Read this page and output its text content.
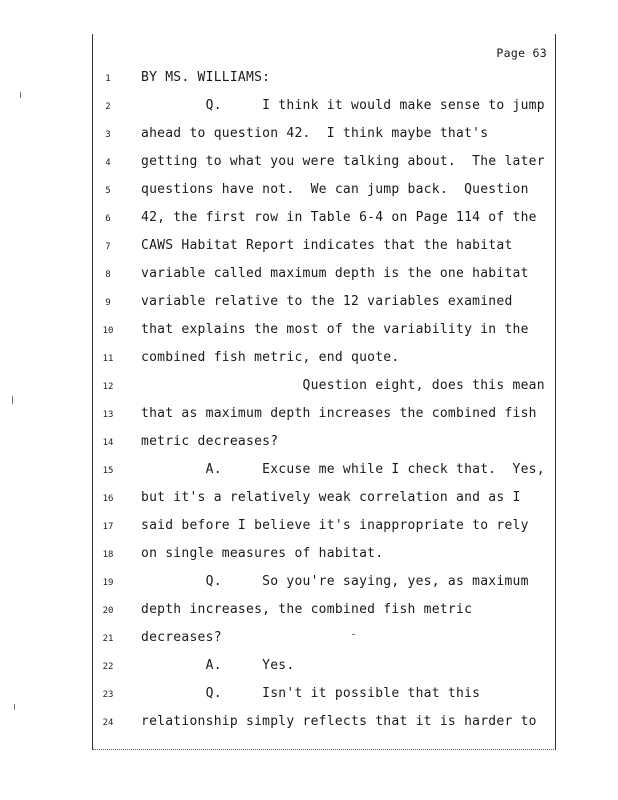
Page 63
1	BY MS. WILLIAMS:
2	Q.     I think it would make sense to jump
3	ahead to question 42.  I think maybe that's
4	getting to what you were talking about.  The later
5	questions have not.  We can jump back.  Question
6	42, the first row in Table 6-4 on Page 114 of the
7	CAWS Habitat Report indicates that the habitat
8	variable called maximum depth is the one habitat
9	variable relative to the 12 variables examined
10 that explains the most of the variability in the
11 combined fish metric, end quote.
12 Question eight, does this mean
13 that as maximum depth increases the combined fish
14 metric decreases?
15 A.     Excuse me while I check that.  Yes,
16 but it's a relatively weak correlation and as I
17 said before I believe it's inappropriate to rely
18 on single measures of habitat.
19 Q.     So you're saying, yes, as maximum
20 depth increases, the combined fish metric
21 decreases?
22 A.     Yes.
23 Q.     Isn't it possible that this
24 relationship simply reflects that it is harder to
